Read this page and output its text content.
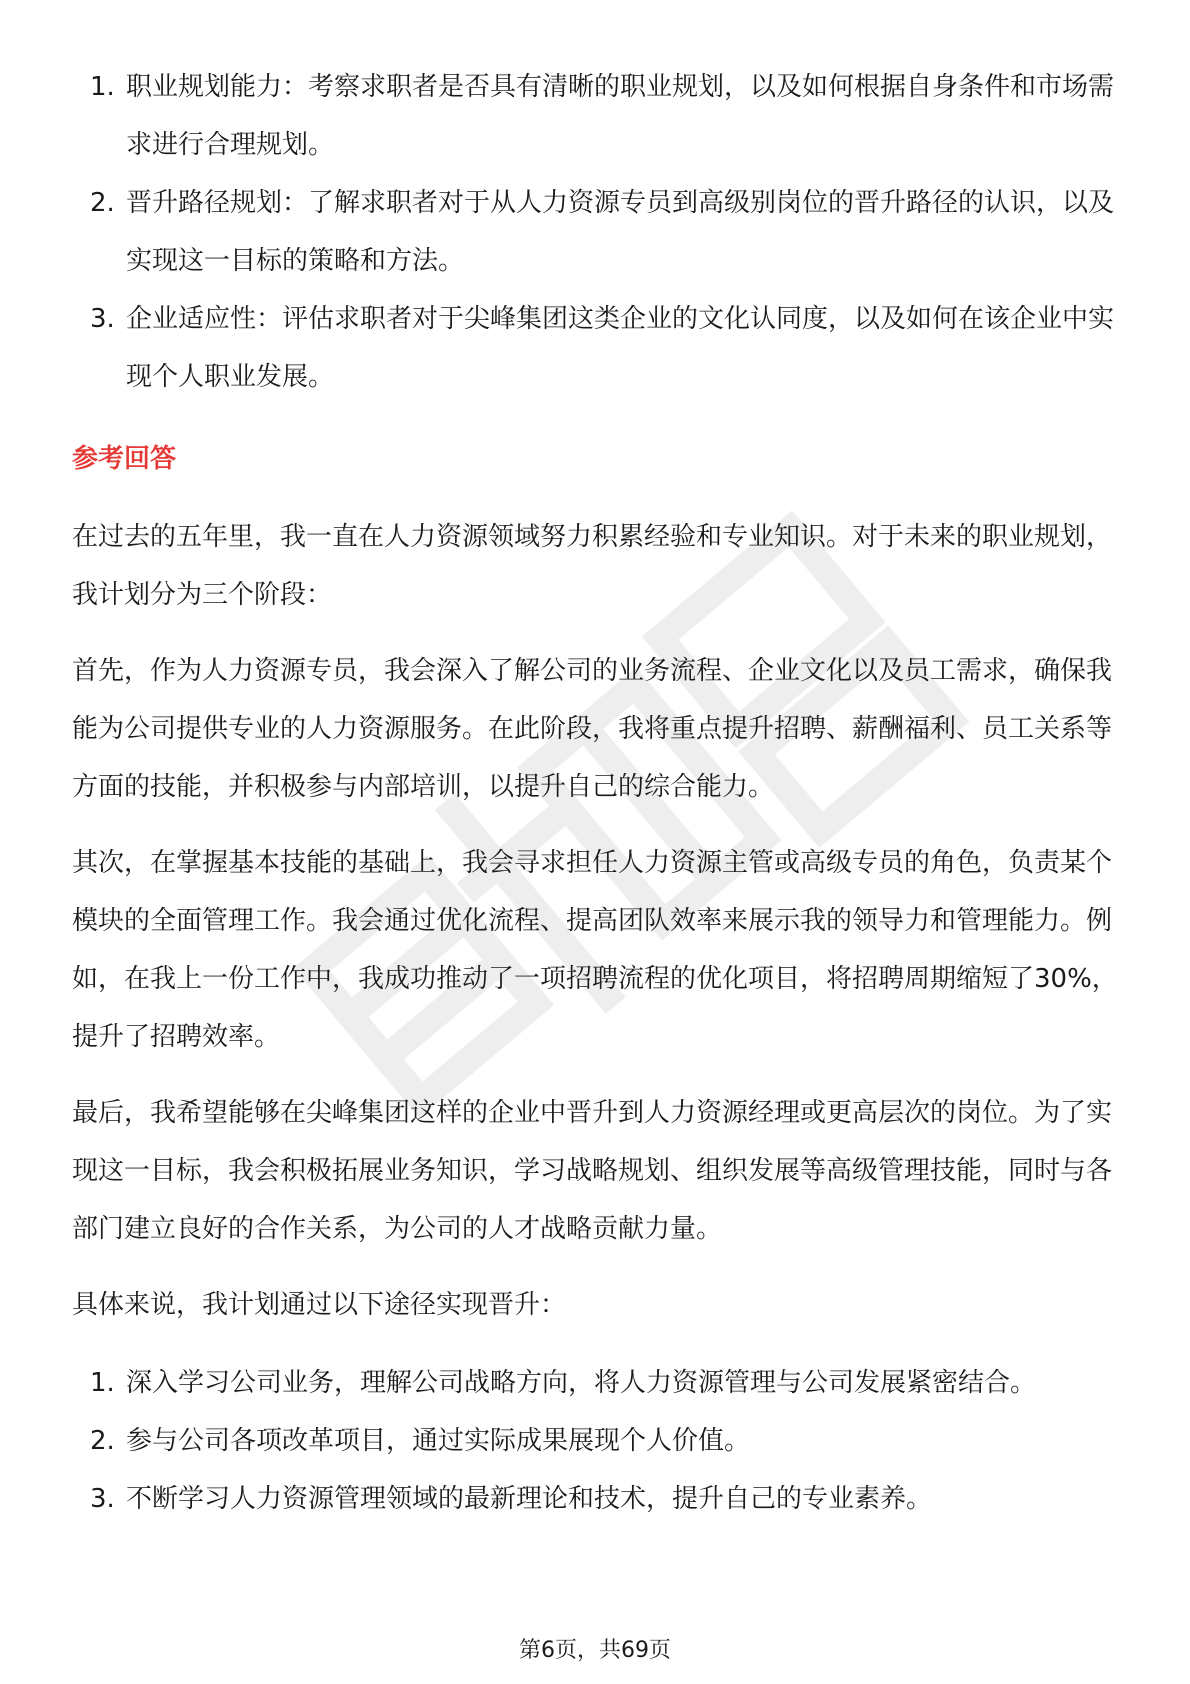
1. 职业规划能力：考察求职者是否具有清晰的职业规划，以及如何根据自身条件和市场需求进行合理规划。
2. 晋升路径规划：了解求职者对于从人力资源专员到高级别岗位的晋升路径的认识，以及实现这一目标的策略和方法。
3. 企业适应性：评估求职者对于尖峰集团这类企业的文化认同度，以及如何在该企业中实现个人职业发展。
参考回答

在过去的五年里，我一直在人力资源领域努力积累经验和专业知识。对于未来的职业规划，我计划分为三个阶段：

首先，作为人力资源专员，我会深入了解公司的业务流程、企业文化以及员工需求，确保我能为公司提供专业的人力资源服务。在此阶段，我将重点提升招聘、薪酬福利、员工关系等方面的技能，并积极参与内部培训，以提升自己的综合能力。

其次，在掌握基本技能的基础上，我会寻求担任人力资源主管或高级专员的角色，负责某个模块的全面管理工作。我会通过优化流程、提高团队效率来展示我的领导力和管理能力。例如，在我上一份工作中，我成功推动了一项招聘流程的优化项目，将招聘周期缩短了30%，提升了招聘效率。

最后，我希望能够在尖峰集团这样的企业中晋升到人力资源经理或更高层次的岗位。为了实现这一目标，我会积极拓展业务知识，学习战略规划、组织发展等高级管理技能，同时与各部门建立良好的合作关系，为公司的人才战略贡献力量。

具体来说，我计划通过以下途径实现晋升：

1. 深入学习公司业务，理解公司战略方向，将人力资源管理与公司发展紧密结合。
2. 参与公司各项改革项目，通过实际成果展现个人价值。
3. 不断学习人力资源管理领域的最新理论和技术，提升自己的专业素养。
第6页，共69页
